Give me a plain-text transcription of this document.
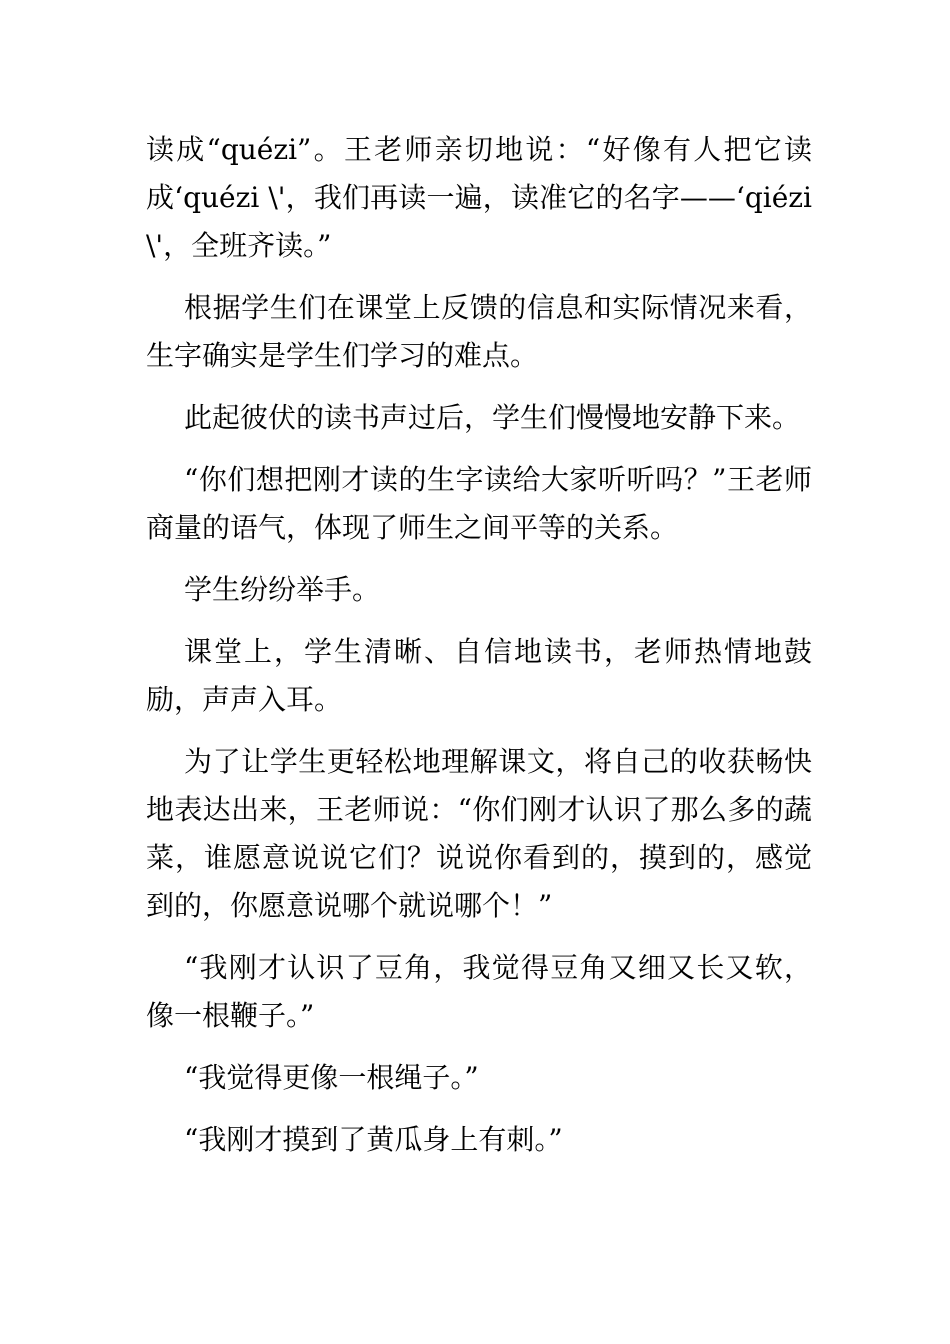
读成“quézi”。王老师亲切地说：“好像有人把它读成‘quézi \'，我们再读一遍，读准它的名字——‘qiézi\'，全班齐读。”

根据学生们在课堂上反馈的信息和实际情况来看，生字确实是学生们学习的难点。

此起彼伏的读书声过后，学生们慢慢地安静下来。

“你们想把刚才读的生字读给大家听听吗？”王老师商量的语气，体现了师生之间平等的关系。

学生纷纷举手。

课堂上，学生清晰、自信地读书，老师热情地鼓励，声声入耳。

为了让学生更轻松地理解课文，将自己的收获畅快地表达出来，王老师说：“你们刚才认识了那么多的蔬菜，谁愿意说说它们？说说你看到的，摸到的，感觉到的，你愿意说哪个就说哪个！”

“我刚才认识了豆角，我觉得豆角又细又长又软，像一根鞭子。”

“我觉得更像一根绳子。”

“我刚才摸到了黄瓜身上有刺。”
